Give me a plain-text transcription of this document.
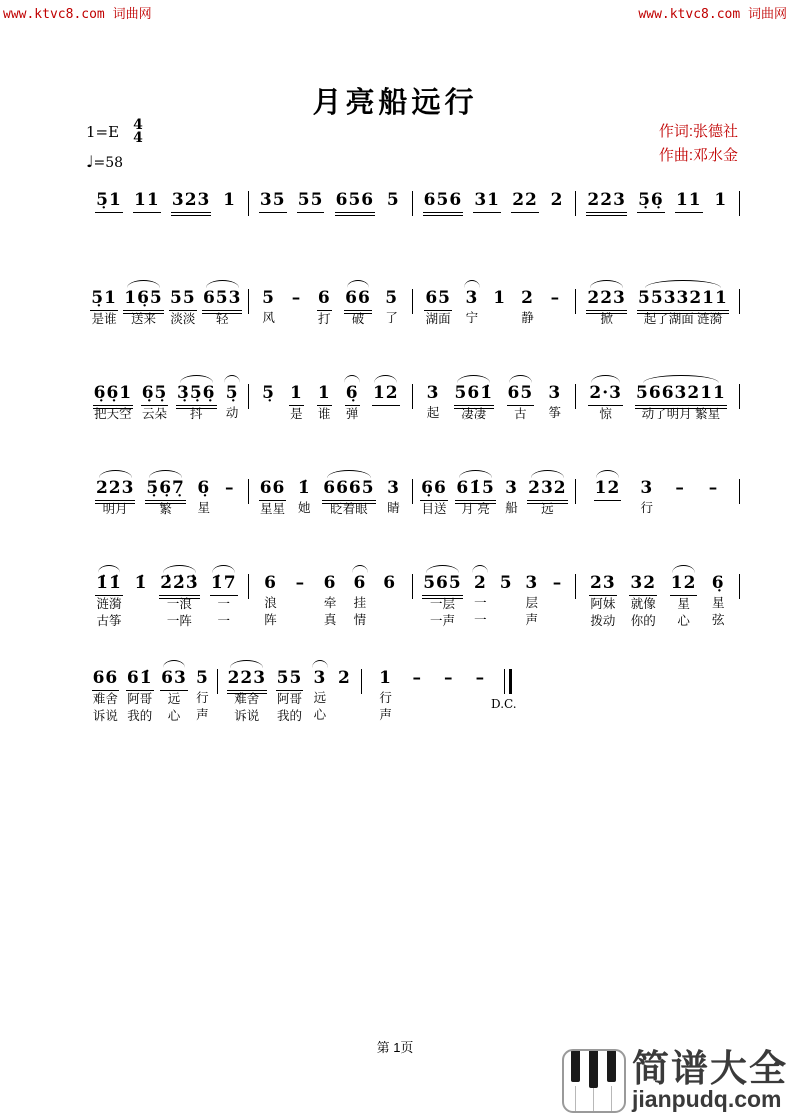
www.ktvc8.com 词曲网	www.ktvc8.com 词曲网
月亮船远行
1=E 4
4
♩=58
作词:张德社
作曲:邓水金
5̣1 11 323 1 35 55 656 5 656 31 22 2 223 5̣6̣ 11 1
5̣1
是谁
16̣5
送来
55
淡淡
653
轻
5
风
– 6
打
66
破
5
了
65
湖面
3
宁
1 2
静
– 223
掀
5533211
起了湖面 涟漪
6̣6̣1
把天空
6̣5̣
云朵
3̣5̣6̣
抖
5̣
动
5̣ 1
是
1
谁
6̣
弹
12 3
起
561̇
凄凄
65
古
3
筝
2·3
惊
5663211
动了明月 繁星
223
明月
5̣6̣7̣
繁
6̣
星
– 66
星星
1̇
她
6665
眨着眼
3
睛
6̣6
目送
61̇5
月 亮
3
船
232
远
12 3
行
– –
1̇1̇
涟漪
古筝
1̇ 2̇2̇3̇
一浪
一阵
1̇7
一
一
6
浪
阵
– 6
牵
真
6
挂
情
6 565
一层
一声
2
一
一
5 3
层
声
– 23
阿妹
拨动
32
就像
你的
12
星
心
6̣
星
弦
66
难舍
诉说
61̇
阿哥
我的
63
远
心
5
行
声
223
难舍
诉说
55
阿哥
我的
3
远
心
2 1
行
声
– – –
D.C.
第 1页
简谱大全
jianpudq.com
